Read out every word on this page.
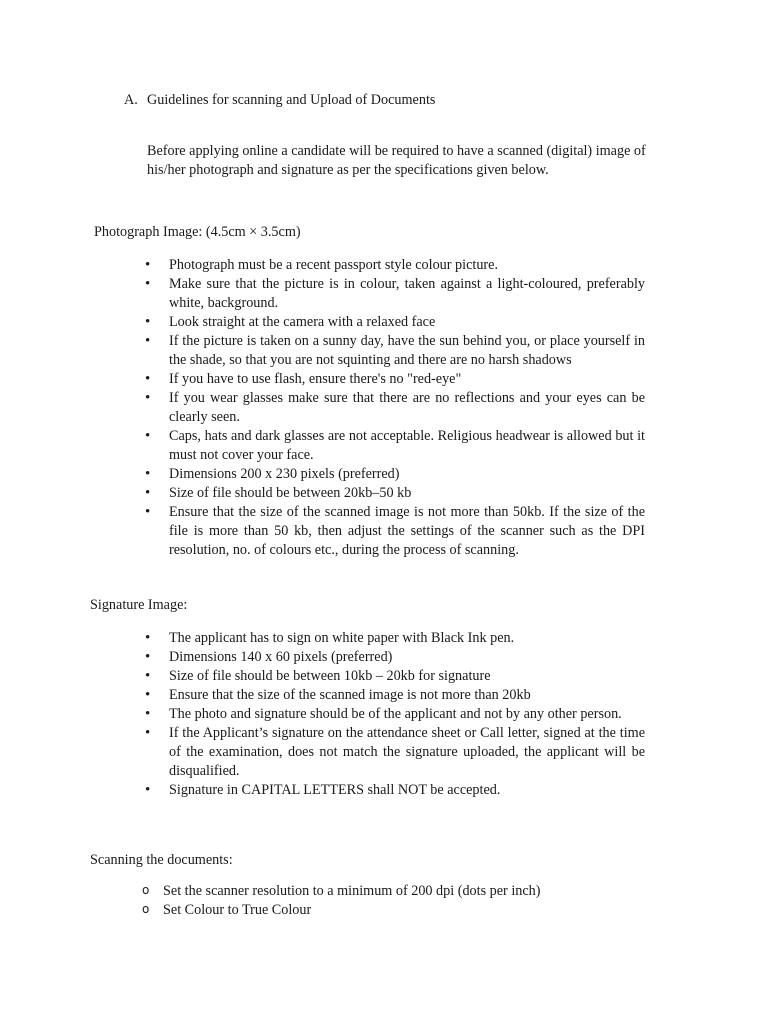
A. Guidelines for scanning and Upload of Documents
Before applying online a candidate will be required to have a scanned (digital) image of his/her photograph and signature as per the specifications given below.
Photograph Image: (4.5cm × 3.5cm)
• Photograph must be a recent passport style colour picture.
• Make sure that the picture is in colour, taken against a light-coloured, preferably white, background.
• Look straight at the camera with a relaxed face
• If the picture is taken on a sunny day, have the sun behind you, or place yourself in the shade, so that you are not squinting and there are no harsh shadows
• If you have to use flash, ensure there's no "red-eye"
• If you wear glasses make sure that there are no reflections and your eyes can be clearly seen.
• Caps, hats and dark glasses are not acceptable. Religious headwear is allowed but it must not cover your face.
• Dimensions 200 x 230 pixels (preferred)
• Size of file should be between 20kb–50 kb
• Ensure that the size of the scanned image is not more than 50kb. If the size of the file is more than 50 kb, then adjust the settings of the scanner such as the DPI resolution, no. of colours etc., during the process of scanning.
Signature Image:
• The applicant has to sign on white paper with Black Ink pen.
• Dimensions 140 x 60 pixels (preferred)
• Size of file should be between 10kb – 20kb for signature
• Ensure that the size of the scanned image is not more than 20kb
• The photo and signature should be of the applicant and not by any other person.
• If the Applicant’s signature on the attendance sheet or Call letter, signed at the time of the examination, does not match the signature uploaded, the applicant will be disqualified.
• Signature in CAPITAL LETTERS shall NOT be accepted.
Scanning the documents:
o Set the scanner resolution to a minimum of 200 dpi (dots per inch)
o Set Colour to True Colour
